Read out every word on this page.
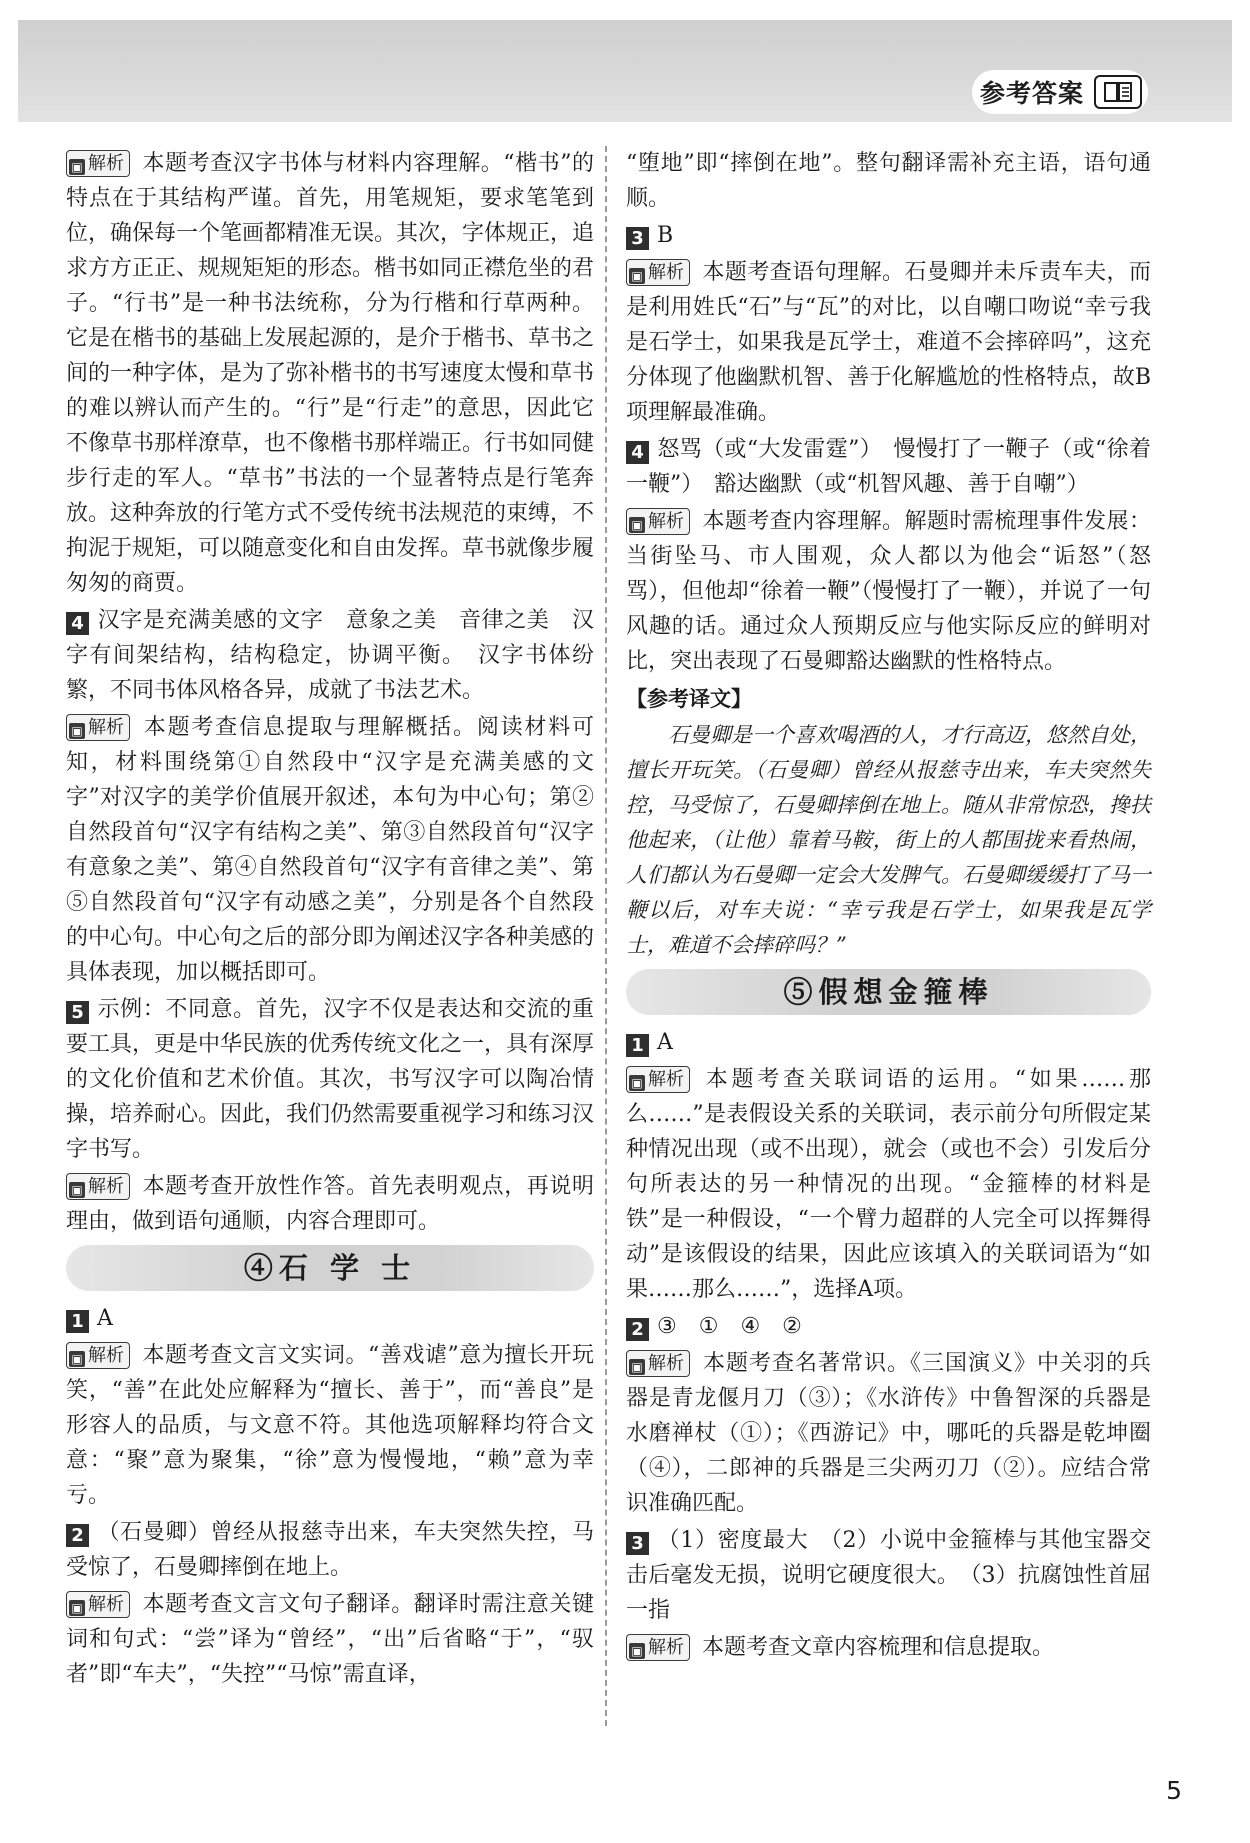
参考答案
▣ 解析 本题考查汉字书体与材料内容理解。“楷书”的特点在于其结构严谨。首先，用笔规矩，要求笔笔到位，确保每一个笔画都精准无误。其次，字体规正，追求方方正正、规规矩矩的形态。楷书如同正襟危坐的君子。“行书”是一种书法统称，分为行楷和行草两种。它是在楷书的基础上发展起源的，是介于楷书、草书之间的一种字体，是为了弥补楷书的书写速度太慢和草书的难以辨认而产生的。“行”是“行走”的意思，因此它不像草书那样潦草，也不像楷书那样端正。行书如同健步行走的军人。“草书”书法的一个显著特点是行笔奔放。这种奔放的行笔方式不受传统书法规范的束缚，不拘泥于规矩，可以随意变化和自由发挥。草书就像步履匆匆的商贾。
4 汉字是充满美感的文字　意象之美　音律之美　汉字有间架结构，结构稳定，协调平衡。　汉字书体纷繁，不同书体风格各异，成就了书法艺术。
▣ 解析 本题考查信息提取与理解概括。阅读材料可知，材料围绕第①自然段中“汉字是充满美感的文字”对汉字的美学价值展开叙述，本句为中心句；第②自然段首句“汉字有结构之美”、第③自然段首句“汉字有意象之美”、第④自然段首句“汉字有音律之美”、第⑤自然段首句“汉字有动感之美”，分别是各个自然段的中心句。中心句之后的部分即为阐述汉字各种美感的具体表现，加以概括即可。
5 示例：不同意。首先，汉字不仅是表达和交流的重要工具，更是中华民族的优秀传统文化之一，具有深厚的文化价值和艺术价值。其次，书写汉字可以陶冶情操，培养耐心。因此，我们仍然需要重视学习和练习汉字书写。
▣ 解析 本题考查开放性作答。首先表明观点，再说明理由，做到语句通顺，内容合理即可。
④石 学 士
1 A
▣ 解析 本题考查文言文实词。“善戏谑”意为擅长开玩笑，“善”在此处应解释为“擅长、善于”，而“善良”是形容人的品质，与文意不符。其他选项解释均符合文意：“聚”意为聚集，“徐”意为慢慢地，“赖”意为幸亏。
2 （石曼卿）曾经从报慈寺出来，车夫突然失控，马受惊了，石曼卿摔倒在地上。
▣ 解析 本题考查文言文句子翻译。翻译时需注意关键词和句式：“尝”译为“曾经”，“出”后省略“于”，“驭者”即“车夫”，“失控”“马惊”需直译，
“堕地”即“摔倒在地”。整句翻译需补充主语，语句通顺。
3 B
▣ 解析 本题考查语句理解。石曼卿并未斥责车夫，而是利用姓氏“石”与“瓦”的对比，以自嘲口吻说“幸亏我是石学士，如果我是瓦学士，难道不会摔碎吗”，这充分体现了他幽默机智、善于化解尴尬的性格特点，故B项理解最准确。
4 怒骂（或“大发雷霆”）　慢慢打了一鞭子（或“徐着一鞭”）　豁达幽默（或“机智风趣、善于自嘲”）
▣ 解析 本题考查内容理解。解题时需梳理事件发展：当街坠马、市人围观，众人都以为他会“诟怒”（怒骂），但他却“徐着一鞭”（慢慢打了一鞭），并说了一句风趣的话。通过众人预期反应与他实际反应的鲜明对比，突出表现了石曼卿豁达幽默的性格特点。
【参考译文】
石曼卿是一个喜欢喝酒的人，才行高迈，悠然自处，擅长开玩笑。（石曼卿）曾经从报慈寺出来，车夫突然失控，马受惊了，石曼卿摔倒在地上。随从非常惊恐，搀扶他起来，（让他）靠着马鞍，街上的人都围拢来看热闹，人们都认为石曼卿一定会大发脾气。石曼卿缓缓打了马一鞭以后，对车夫说：“幸亏我是石学士，如果我是瓦学士，难道不会摔碎吗？”
⑤假想金箍棒
1 A
▣ 解析 本题考查关联词语的运用。“如果……那么……”是表假设关系的关联词，表示前分句所假定某种情况出现（或不出现），就会（或也不会）引发后分句所表达的另一种情况的出现。“金箍棒的材料是铁”是一种假设，“一个臂力超群的人完全可以挥舞得动”是该假设的结果，因此应该填入的关联词语为“如果……那么……”，选择A项。
2 ③　①　④　②
▣ 解析 本题考查名著常识。《三国演义》中关羽的兵器是青龙偃月刀（③）；《水浒传》中鲁智深的兵器是水磨禅杖（①）；《西游记》中，哪吒的兵器是乾坤圈（④），二郎神的兵器是三尖两刃刀（②）。应结合常识准确匹配。
3 （1）密度最大　（2）小说中金箍棒与其他宝器交击后毫发无损，说明它硬度很大。　（3）抗腐蚀性首屈一指
▣ 解析 本题考查文章内容梳理和信息提取。
5
